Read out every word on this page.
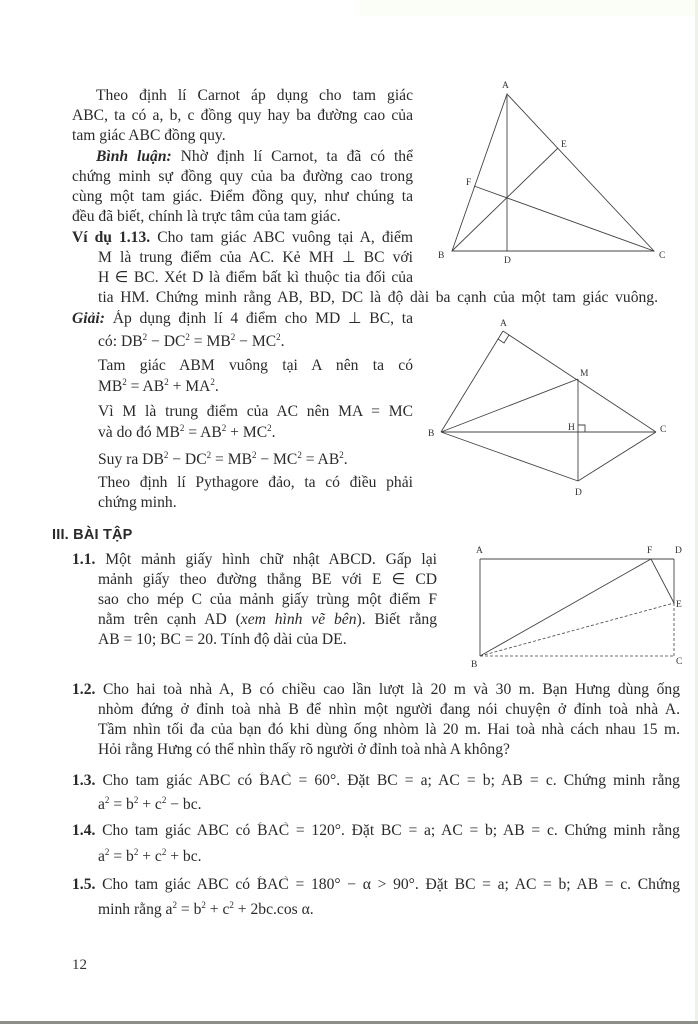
Theo định lí Carnot áp dụng cho tam giác
ABC, ta có a, b, c đồng quy hay ba đường cao của
tam giác ABC đồng quy.
Bình luận: Nhờ định lí Carnot, ta đã có thể
chứng minh sự đồng quy của ba đường cao trong
cùng một tam giác. Điểm đồng quy, như chúng ta
đều đã biết, chính là trực tâm của tam giác.
Ví dụ 1.13. Cho tam giác ABC vuông tại A, điểm
M là trung điểm của AC. Kẻ MH ⊥ BC với
H ∈ BC. Xét D là điểm bất kì thuộc tia đối của
tia HM. Chứng minh rằng AB, BD, DC là độ dài ba cạnh của một tam giác vuông.
Giải: Áp dụng định lí 4 điểm cho MD ⊥ BC, ta
có: $DB^2 - DC^2 = MB^2 - MC^2$.
Tam giác ABM vuông tại A nên ta có
$MB^2 = AB^2 + MA^2$.
Vì M là trung điểm của AC nên MA = MC
và do đó $MB^2 = AB^2 + MC^2$.
Suy ra $DB^2 - DC^2 = MB^2 - MC^2 = AB^2$.
Theo định lí Pythagore đảo, ta có điều phải
chứng minh.
III. BÀI TẬP
1.1. Một mảnh giấy hình chữ nhật ABCD. Gấp lại
mảnh giấy theo đường thẳng BE với E ∈ CD
sao cho mép C của mảnh giấy trùng một điểm F
nằm trên cạnh AD (xem hình vẽ bên). Biết rằng
AB = 10; BC = 20. Tính độ dài của DE.
1.2. Cho hai toà nhà A, B có chiều cao lần lượt là 20 m và 30 m. Bạn Hưng dùng ống
nhòm đứng ở đỉnh toà nhà B để nhìn một người đang nói chuyện ở đỉnh toà nhà A.
Tầm nhìn tối đa của bạn đó khi dùng ống nhòm là 20 m. Hai toà nhà cách nhau 15 m.
Hỏi rằng Hưng có thể nhìn thấy rõ người ở đỉnh toà nhà A không?
1.3. Cho tam giác ABC có BAC = 60°. Đặt BC = a; AC = b; AB = c. Chứng minh rằng
$a^2 = b^2 + c^2$ − bc.
1.4. Cho tam giác ABC có BAC = 120°. Đặt BC = a; AC = b; AB = c. Chứng minh rằng
$a^2 = b^2 + c^2$ + bc.
1.5. Cho tam giác ABC có BAC = 180° − α > 90°. Đặt BC = a; AC = b; AB = c. Chứng
minh rằng $a^2 = b^2 + c^2 + 2bc.\cos$ α.
A
B	C
D
E
F
A
B	C
D
H
M
A
B	C
D
E
F
12
